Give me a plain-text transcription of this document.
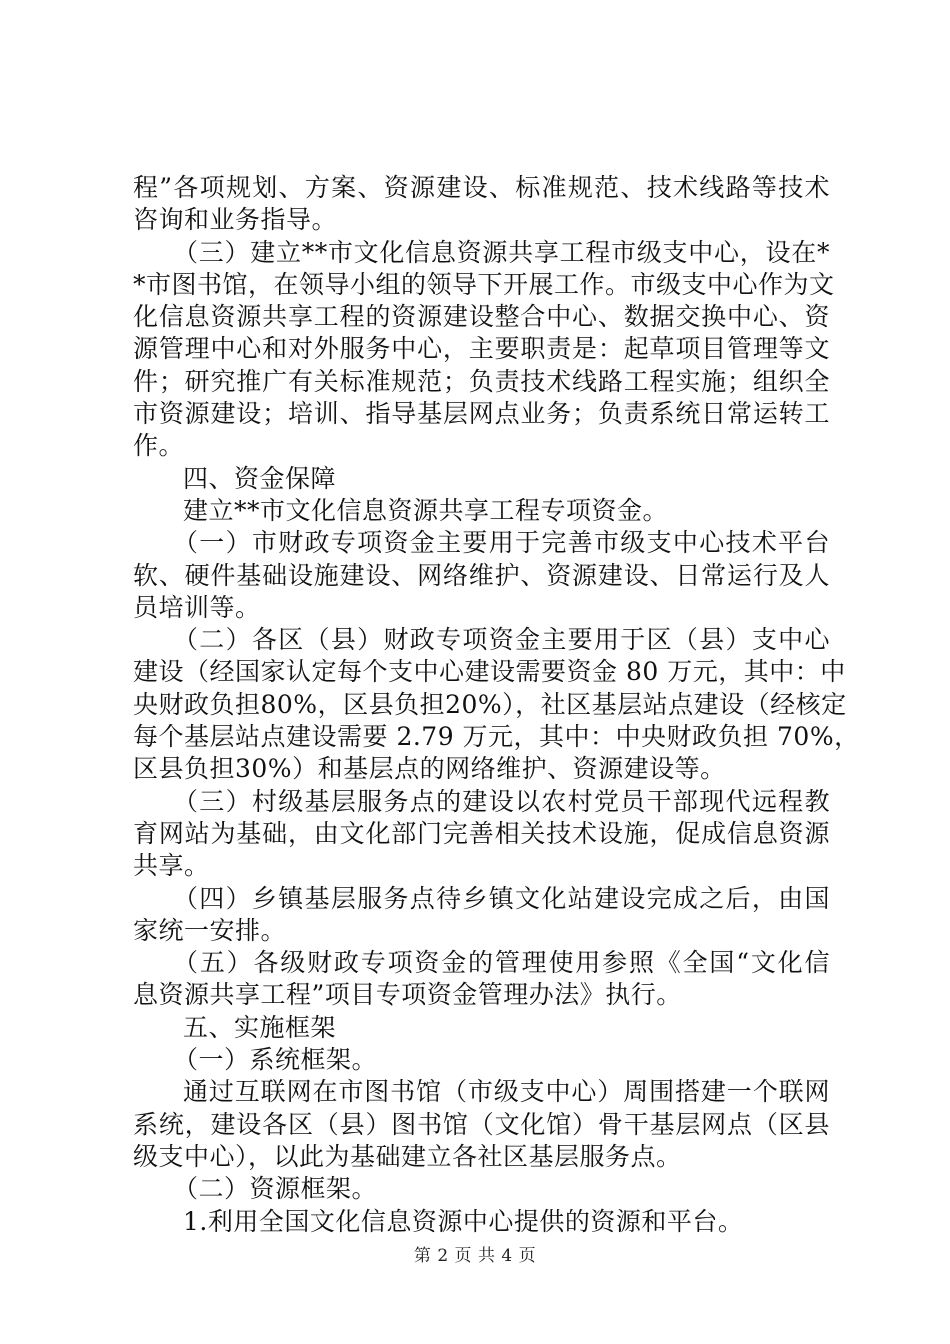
程”各项规划、方案、资源建设、标准规范、技术线路等技术
咨询和业务指导。
（三）建立**市文化信息资源共享工程市级支中心，设在*
*市图书馆，在领导小组的领导下开展工作。市级支中心作为文
化信息资源共享工程的资源建设整合中心、数据交换中心、资
源管理中心和对外服务中心，主要职责是：起草项目管理等文
件；研究推广有关标准规范；负责技术线路工程实施；组织全
市资源建设；培训、指导基层网点业务；负责系统日常运转工
作。
四、资金保障
建立**市文化信息资源共享工程专项资金。
（一）市财政专项资金主要用于完善市级支中心技术平台
软、硬件基础设施建设、网络维护、资源建设、日常运行及人
员培训等。
（二）各区（县）财政专项资金主要用于区（县）支中心
建设（经国家认定每个支中心建设需要资金 80 万元，其中：中
央财政负担80%，区县负担20%），社区基层站点建设（经核定
每个基层站点建设需要 2.79 万元，其中：中央财政负担 70%，
区县负担30%）和基层点的网络维护、资源建设等。
（三）村级基层服务点的建设以农村党员干部现代远程教
育网站为基础，由文化部门完善相关技术设施，促成信息资源
共享。
（四）乡镇基层服务点待乡镇文化站建设完成之后，由国
家统一安排。
（五）各级财政专项资金的管理使用参照《全国“文化信
息资源共享工程”项目专项资金管理办法》执行。
五、实施框架
（一）系统框架。
通过互联网在市图书馆（市级支中心）周围搭建一个联网
系统，建设各区（县）图书馆（文化馆）骨干基层网点（区县
级支中心），以此为基础建立各社区基层服务点。
（二）资源框架。
1.利用全国文化信息资源中心提供的资源和平台。
第 2 页 共 4 页
